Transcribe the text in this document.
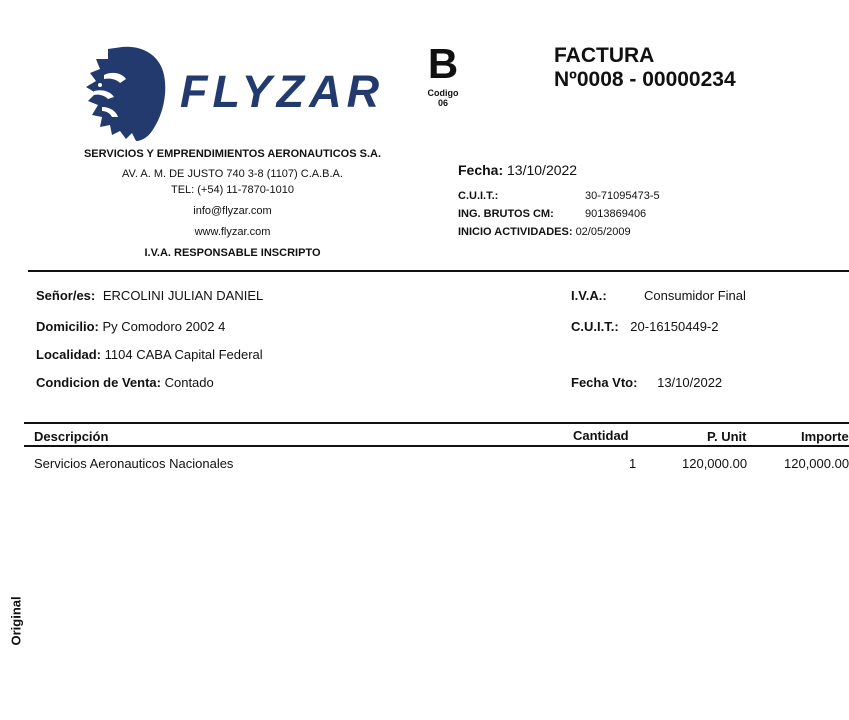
FLYZAR
SERVICIOS Y EMPRENDIMIENTOS AERONAUTICOS S.A.
AV. A. M. DE JUSTO 740 3-8 (1107) C.A.B.A.
TEL: (+54) 11-7870-1010
info@flyzar.com
www.flyzar.com
I.V.A. RESPONSABLE INSCRIPTO
B
Codigo
06
FACTURA
Nº0008 - 00000234
Fecha: 13/10/2022
C.U.I.T.:	30-71095473-5
ING. BRUTOS CM:	9013869406
INICIO ACTIVIDADES: 02/05/2009
Señor/es: ERCOLINI JULIAN DANIEL
Domicilio: Py Comodoro 2002 4
Localidad: 1104 CABA Capital Federal
Condicion de Venta: Contado
I.V.A.:	Consumidor Final
C.U.I.T.: 20-16150449-2
Fecha Vto: 13/10/2022
Descripción	Cantidad	P. Unit	Importe
Servicios Aeronauticos Nacionales	1	120,000.00	120,000.00
Original
